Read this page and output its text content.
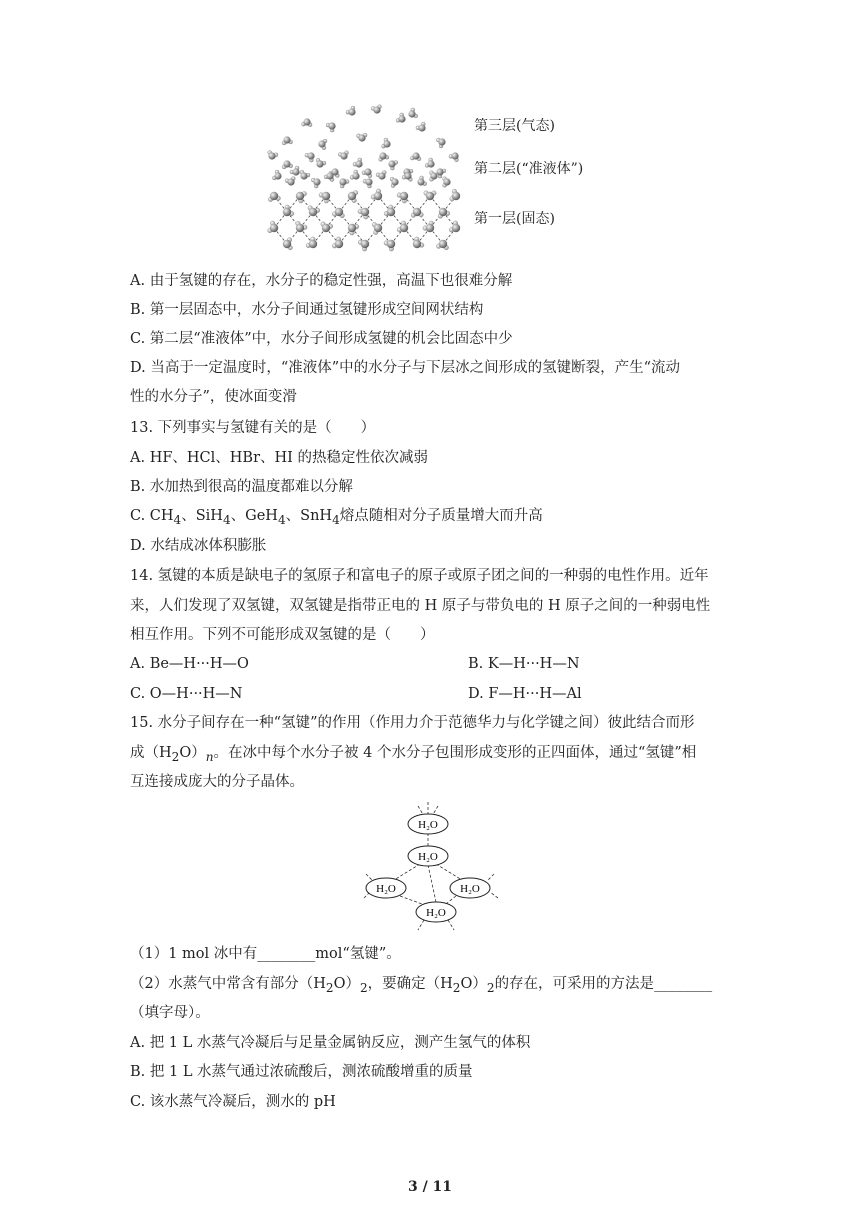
第三层(气态)
第二层(“准液体”)
第一层(固态)
A. 由于氢键的存在，水分子的稳定性强，高温下也很难分解
B. 第一层固态中，水分子间通过氢键形成空间网状结构
C. 第二层“准液体”中，水分子间形成氢键的机会比固态中少
D. 当高于一定温度时，“准液体”中的水分子与下层冰之间形成的氢键断裂，产生“流动
性的水分子”，使冰面变滑
13. 下列事实与氢键有关的是（　　）
A. HF、HCl、HBr、HI 的热稳定性依次减弱
B. 水加热到很高的温度都难以分解
C. $CH_4$、SiH$_4$、GeH$_4$、SnH$_4$熔点随相对分子质量增大而升高
D. 水结成冰体积膨胀
14. 氢键的本质是缺电子的氢原子和富电子的原子或原子团之间的一种弱的电性作用。近年
来，人们发现了双氢键，双氢键是指带正电的 H 原子与带负电的 H 原子之间的一种弱电性
相互作用。下列不可能形成双氢键的是（　　）
A. Be—H···H—O	B. K—H···H—N
C. O—H···H—N	D. F—H···H—Al
15. 水分子间存在一种“氢键”的作用（作用力介于范德华力与化学键之间）彼此结合而形
成$(H_2O)_n$。在冰中每个水分子被 4 个水分子包围形成变形的正四面体，通过“氢键”相
互连接成庞大的分子晶体。
H₂O
H₂O
H₂O	H₂O
H₂O
（1）1 mol 冰中有________mol“氢键”。
（2）水蒸气中常含有部分$(H_2O)_2$，要确定$(H_2O)_2$的存在，可采用的方法是________
（填字母）。
A. 把 1 L 水蒸气冷凝后与足量金属钠反应，测产生氢气的体积
B. 把 1 L 水蒸气通过浓硫酸后，测浓硫酸增重的质量
C. 该水蒸气冷凝后，测水的 pH
3 / 11
